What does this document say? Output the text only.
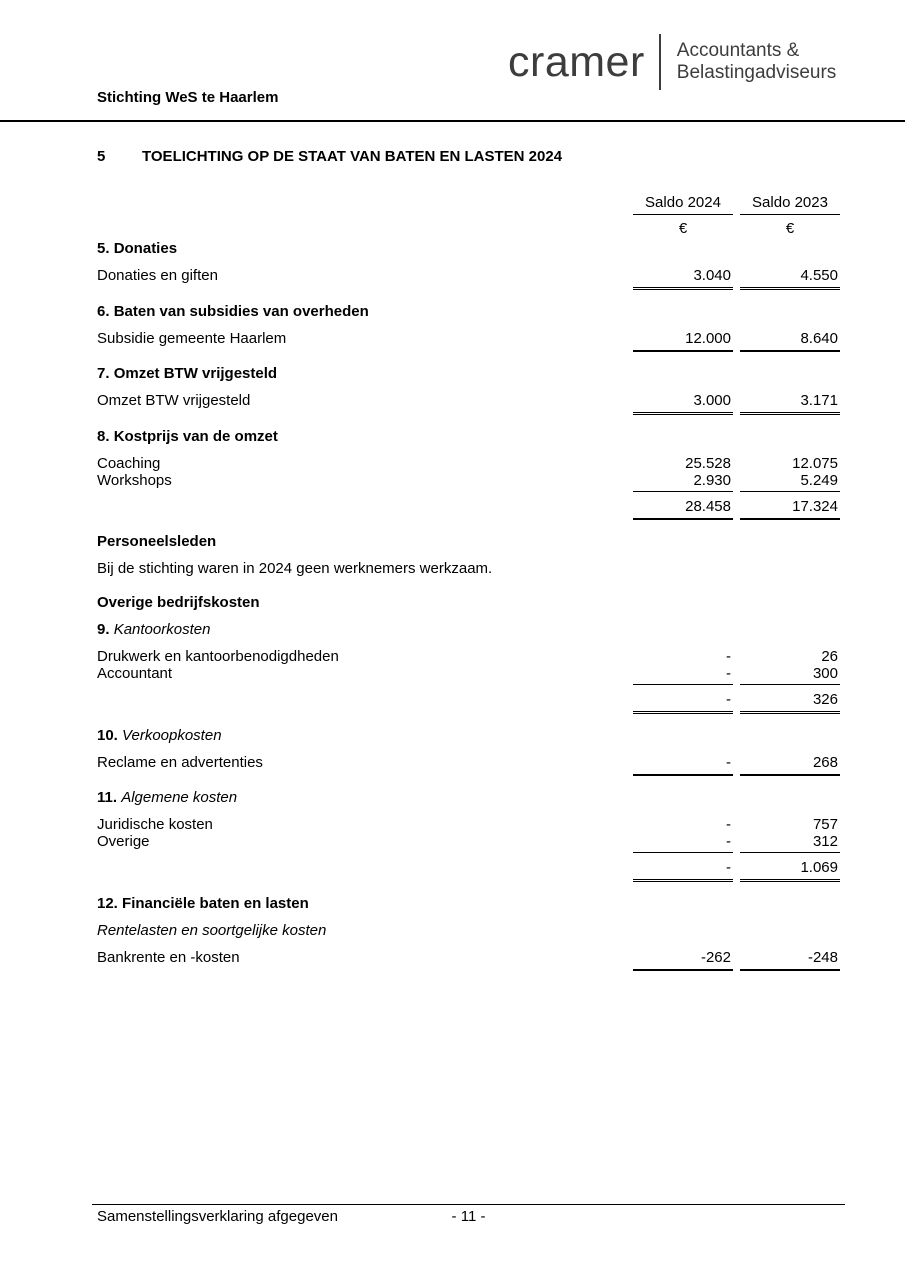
cramer Accountants &
Belastingadviseurs
Stichting WeS te Haarlem
5	TOELICHTING OP DE STAAT VAN BATEN EN LASTEN 2024
Saldo 2024	Saldo 2023
€	€
5.
Donaties
Donaties en giften	3.040	4.550
6.
Baten van subsidies van overheden
Subsidie gemeente Haarlem	12.000	8.640
7.
Omzet BTW vrijgesteld
Omzet BTW vrijgesteld	3.000	3.171
8.
Kostprijs van de omzet
Coaching	25.528	12.075
Workshops	2.930	5.249
28.458	17.324
Personeelsleden
Bij de stichting waren in 2024 geen werknemers werkzaam.
Overige bedrijfskosten
9.
Kantoorkosten
Drukwerk en kantoorbenodigdheden	-	26
Accountant	-	300
-	326
10.
Verkoopkosten
Reclame en advertenties	-	268
11.
Algemene kosten
Juridische kosten	-	757
Overige	-	312
-	1.069
12.
Financiële baten en lasten
Rentelasten en soortgelijke kosten
Bankrente en -kosten	-262	-248
Samenstellingsverklaring afgegeven	- 11 -
